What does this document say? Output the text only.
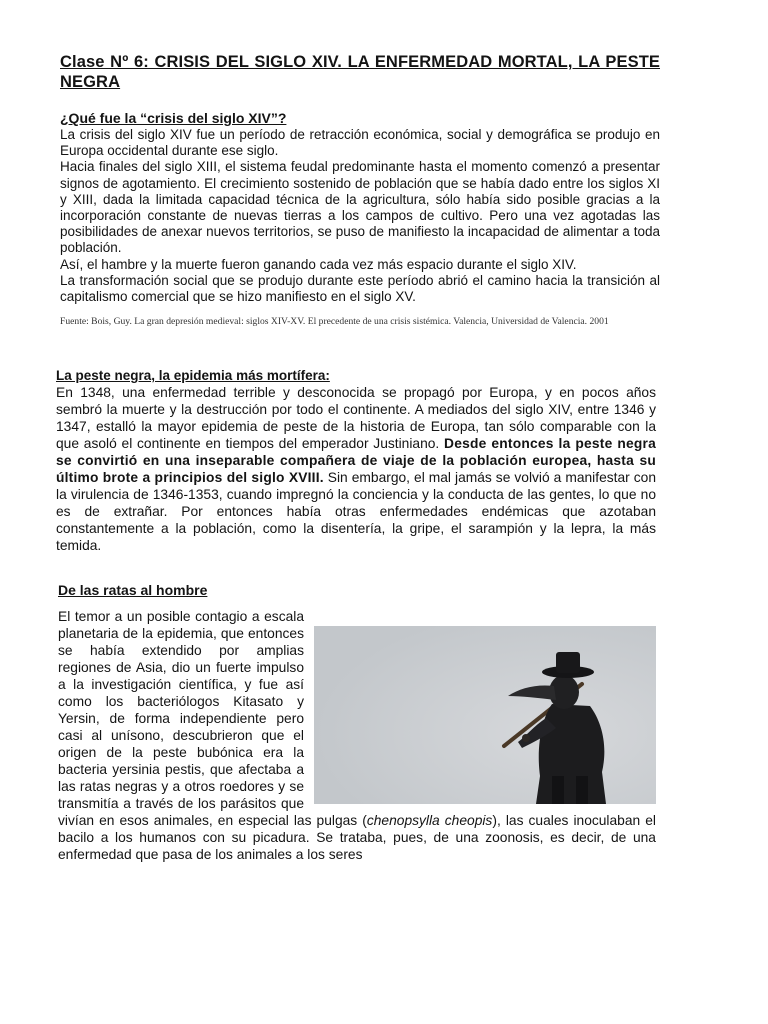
Clase Nº 6: CRISIS DEL SIGLO XIV. LA ENFERMEDAD MORTAL, LA PESTE NEGRA
¿Qué fue la “crisis del siglo XIV”?

La crisis del siglo XIV fue un período de retracción económica, social y demográfica se produjo en Europa occidental durante ese siglo.

Hacia finales del siglo XIII, el sistema feudal predominante hasta el momento comenzó a presentar signos de agotamiento. El crecimiento sostenido de población que se había dado entre los siglos XI y XIII, dada la limitada capacidad técnica de la agricultura, sólo había sido posible gracias a la incorporación constante de nuevas tierras a los campos de cultivo. Pero una vez agotadas las posibilidades de anexar nuevos territorios, se puso de manifiesto la incapacidad de alimentar a toda población.

Así, el hambre y la muerte fueron ganando cada vez más espacio durante el siglo XIV.

La transformación social que se produjo durante este período abrió el camino hacia la transición al capitalismo comercial que se hizo manifiesto en el siglo XV.

Fuente: Bois, Guy. La gran depresión medieval: siglos XIV-XV. El precedente de una crisis sistémica. Valencia, Universidad de Valencia. 2001
La peste negra, la epidemia más mortífera:

En 1348, una enfermedad terrible y desconocida se propagó por Europa, y en pocos años sembró la muerte y la destrucción por todo el continente. A mediados del siglo XIV, entre 1346 y 1347, estalló la mayor epidemia de peste de la historia de Europa, tan sólo comparable con la que asoló el continente en tiempos del emperador Justiniano. Desde entonces la peste negra se convirtió en una inseparable compañera de viaje de la población europea, hasta su último brote a principios del siglo XVIII. Sin embargo, el mal jamás se volvió a manifestar con la virulencia de 1346-1353, cuando impregnó la conciencia y la conducta de las gentes, lo que no es de extrañar. Por entonces había otras enfermedades endémicas que azotaban constantemente a la población, como la disentería, la gripe, el sarampión y la lepra, la más temida.

De las ratas al hombre

El temor a un posible contagio a escala planetaria de la epidemia, que entonces se había extendido por amplias regiones de Asia, dio un fuerte impulso a la investigación científica, y fue así como los bacteriólogos Kitasato y Yersin, de forma independiente pero casi al unísono, descubrieron que el origen de la peste bubónica era la bacteria yersinia pestis, que afectaba a las ratas negras y a otros roedores y se transmitía a través de los parásitos que vivían en esos animales, en especial las pulgas (chenopsylla cheopis), las cuales inoculaban el bacilo a los humanos con su picadura. Se trataba, pues, de una zoonosis, es decir, de una enfermedad que pasa de los animales a los seres
